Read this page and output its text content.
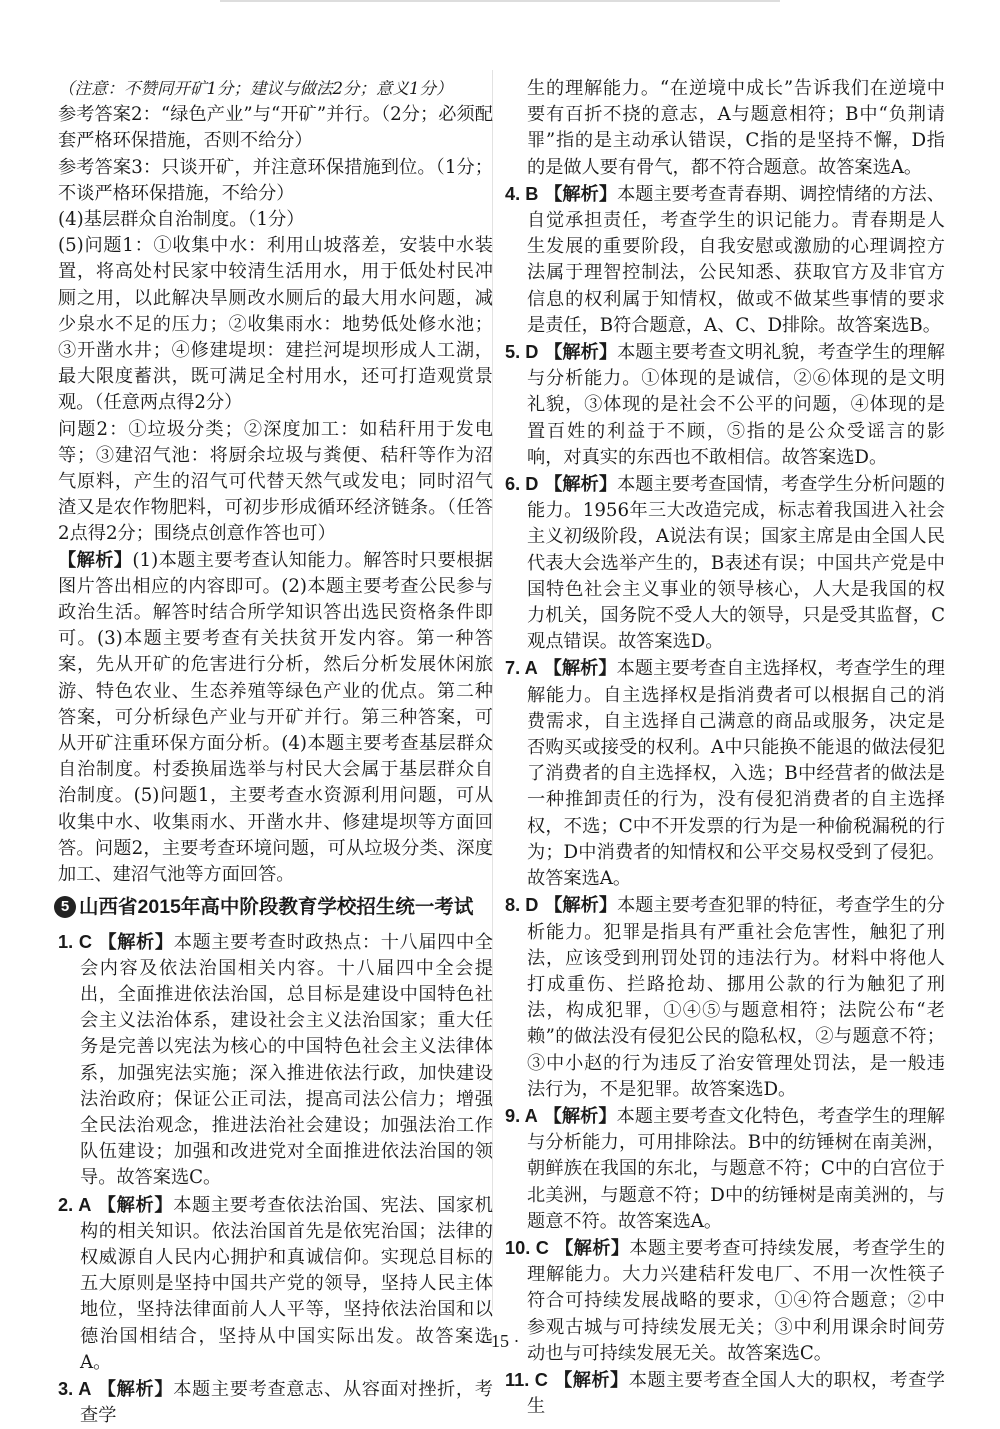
（注意：不赞同开矿1分；建议与做法2分；意义1分）

参考答案2：“绿色产业”与“开矿”并行。（2分；必须配套严格环保措施，否则不给分）

参考答案3：只谈开矿，并注意环保措施到位。（1分；不谈严格环保措施，不给分）

(4)基层群众自治制度。（1分）

(5)问题1：①收集中水：利用山坡落差，安装中水装置，将高处村民家中较清生活用水，用于低处村民冲厕之用，以此解决旱厕改水厕后的最大用水问题，减少泉水不足的压力；②收集雨水：地势低处修水池；③开凿水井；④修建堤坝：建拦河堤坝形成人工湖，最大限度蓄洪，既可满足全村用水，还可打造观赏景观。（任意两点得2分）

问题2：①垃圾分类；②深度加工：如秸秆用于发电等；③建沼气池：将厨余垃圾与粪便、秸秆等作为沼气原料，产生的沼气可代替天然气或发电；同时沼气渣又是农作物肥料，可初步形成循环经济链条。（任答2点得2分；围绕点创意作答也可）

【解析】(1)本题主要考查认知能力。解答时只要根据图片答出相应的内容即可。(2)本题主要考查公民参与政治生活。解答时结合所学知识答出选民资格条件即可。(3)本题主要考查有关扶贫开发内容。第一种答案，先从开矿的危害进行分析，然后分析发展休闲旅游、特色农业、生态养殖等绿色产业的优点。第二种答案，可分析绿色产业与开矿并行。第三种答案，可从开矿注重环保方面分析。(4)本题主要考查基层群众自治制度。村委换届选举与村民大会属于基层群众自治制度。(5)问题1，主要考查水资源利用问题，可从收集中水、收集雨水、开凿水井、修建堤坝等方面回答。问题2，主要考查环境问题，可从垃圾分类、深度加工、建沼气池等方面回答。

5 山西省2015年高中阶段教育学校招生统一考试

1. C 【解析】本题主要考查时政热点：十八届四中全会内容及依法治国相关内容。十八届四中全会提出，全面推进依法治国，总目标是建设中国特色社会主义法治体系，建设社会主义法治国家；重大任务是完善以宪法为核心的中国特色社会主义法律体系，加强宪法实施；深入推进依法行政，加快建设法治政府；保证公正司法，提高司法公信力；增强全民法治观念，推进法治社会建设；加强法治工作队伍建设；加强和改进党对全面推进依法治国的领导。故答案选C。

2. A 【解析】本题主要考查依法治国、宪法、国家机构的相关知识。依法治国首先是依宪治国；法律的权威源自人民内心拥护和真诚信仰。实现总目标的五大原则是坚持中国共产党的领导，坚持人民主体地位，坚持法律面前人人平等，坚持依法治国和以德治国相结合，坚持从中国实际出发。故答案选A。

3. A 【解析】本题主要考查意志、从容面对挫折，考查学

生的理解能力。“在逆境中成长”告诉我们在逆境中要有百折不挠的意志，A与题意相符；B中“负荆请罪”指的是主动承认错误，C指的是坚持不懈，D指的是做人要有骨气，都不符合题意。故答案选A。

4. B 【解析】本题主要考查青春期、调控情绪的方法、自觉承担责任，考查学生的识记能力。青春期是人生发展的重要阶段，自我安慰或激励的心理调控方法属于理智控制法，公民知悉、获取官方及非官方信息的权利属于知情权，做或不做某些事情的要求是责任，B符合题意，A、C、D排除。故答案选B。

5. D 【解析】本题主要考查文明礼貌，考查学生的理解与分析能力。①体现的是诚信，②⑥体现的是文明礼貌，③体现的是社会不公平的问题，④体现的是置百姓的利益于不顾，⑤指的是公众受谣言的影响，对真实的东西也不敢相信。故答案选D。

6. D 【解析】本题主要考查国情，考查学生分析问题的能力。1956年三大改造完成，标志着我国进入社会主义初级阶段，A说法有误；国家主席是由全国人民代表大会选举产生的，B表述有误；中国共产党是中国特色社会主义事业的领导核心，人大是我国的权力机关，国务院不受人大的领导，只是受其监督，C观点错误。故答案选D。

7. A 【解析】本题主要考查自主选择权，考查学生的理解能力。自主选择权是指消费者可以根据自己的消费需求，自主选择自己满意的商品或服务，决定是否购买或接受的权利。A中只能换不能退的做法侵犯了消费者的自主选择权，入选；B中经营者的做法是一种推卸责任的行为，没有侵犯消费者的自主选择权，不选；C中不开发票的行为是一种偷税漏税的行为；D中消费者的知情权和公平交易权受到了侵犯。故答案选A。

8. D 【解析】本题主要考查犯罪的特征，考查学生的分析能力。犯罪是指具有严重社会危害性，触犯了刑法，应该受到刑罚处罚的违法行为。材料中将他人打成重伤、拦路抢劫、挪用公款的行为触犯了刑法，构成犯罪，①④⑤与题意相符；法院公布“老赖”的做法没有侵犯公民的隐私权，②与题意不符；③中小赵的行为违反了治安管理处罚法，是一般违法行为，不是犯罪。故答案选D。

9. A 【解析】本题主要考查文化特色，考查学生的理解与分析能力，可用排除法。B中的纺锤树在南美洲，朝鲜族在我国的东北，与题意不符；C中的白宫位于北美洲，与题意不符；D中的纺锤树是南美洲的，与题意不符。故答案选A。

10. C 【解析】本题主要考查可持续发展，考查学生的理解能力。大力兴建秸秆发电厂、不用一次性筷子符合可持续发展战略的要求，①④符合题意；②中参观古城与可持续发展无关；③中利用课余时间劳动也与可持续发展无关。故答案选C。

11. C 【解析】本题主要考查全国人大的职权，考查学生

· 15 ·
